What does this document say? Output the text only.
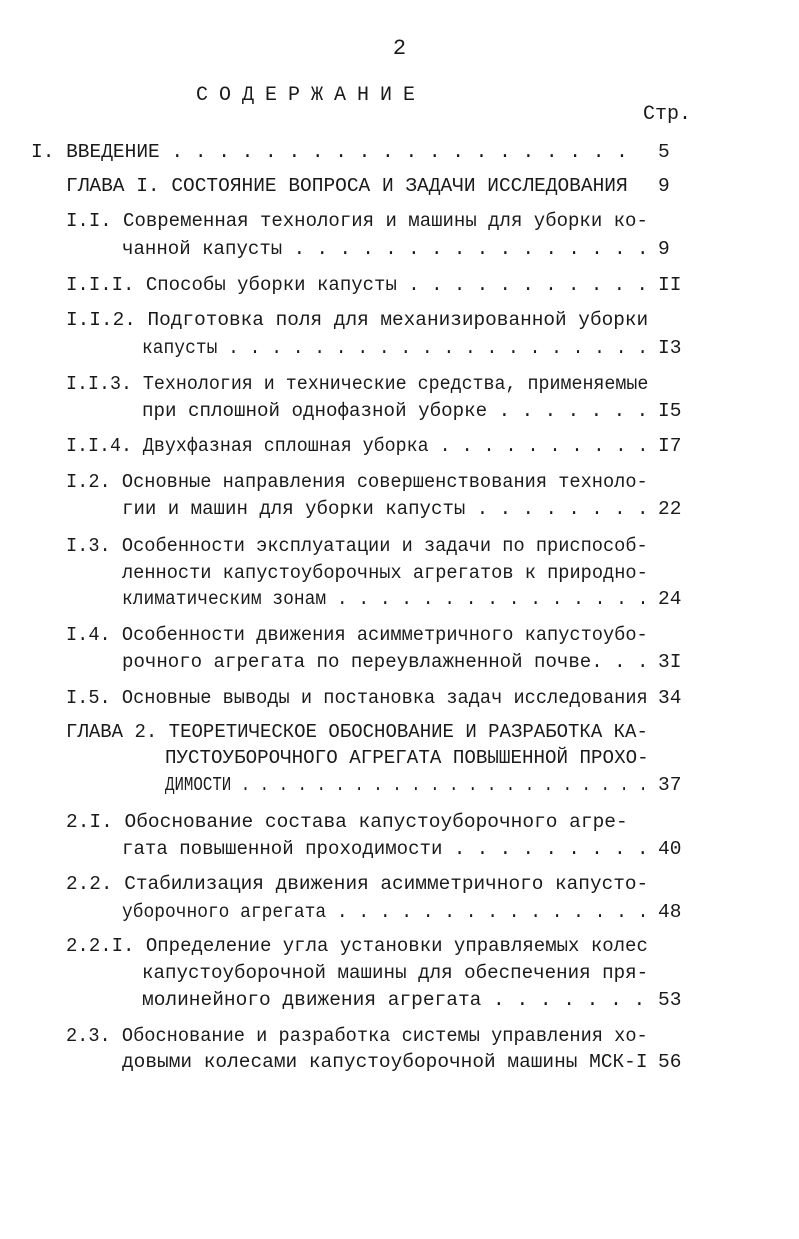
2
СОДЕРЖАНИЕ
Стр.
I. ВВЕДЕНИЕ . . . . . . . . . . . . . . . . . . . . 5
ГЛАВА I. СОСТОЯНИЕ ВОПРОСА И ЗАДАЧИ ИССЛЕДОВАНИЯ 9
I.I. Современная технология и машины для уборки ко-
чанной капусты . . . . . . . . . . . . . . . . 9
I.I.I. Способы уборки капусты . . . . . . . . . . . II
I.I.2. Подготовка поля для механизированной уборки
капусты . . . . . . . . . . . . . . . . . . . . I3
I.I.3. Технология и технические средства, применяемые
при сплошной однофазной уборке . . . . . . . I5
I.I.4. Двухфазная сплошная уборка . . . . . . . . . . I7
I.2. Основные направления совершенствования техноло-
гии и машин для уборки капусты . . . . . . . . 22
I.3. Особенности эксплуатации и задачи по приспособ-
ленности капустоуборочных агрегатов к природно-
климатическим зонам . . . . . . . . . . . . . . . 24
I.4. Особенности движения асимметричного капустоубо-
рочного агрегата по переувлажненной почве. . . 3I
I.5. Основные выводы и постановка задач исследования 34
ГЛАВА 2. ТЕОРЕТИЧЕСКОЕ ОБОСНОВАНИЕ И РАЗРАБОТКА КА-
ПУСТОУБОРОЧНОГО АГРЕГАТА ПОВЫШЕННОЙ ПРОХО-
ДИМОСТИ . . . . . . . . . . . . . . . . . . . . . . 37
2.I. Обоснование состава капустоуборочного агре-
гата повышенной проходимости . . . . . . . . . 40
2.2. Стабилизация движения асимметричного капусто-
уборочного агрегата . . . . . . . . . . . . . . . 48
2.2.I. Определение угла установки управляемых колес
капустоуборочной машины для обеспечения пря-
молинейного движения агрегата . . . . . . . 53
2.3. Обоснование и разработка системы управления хо-
довыми колесами капустоуборочной машины МСК-I 56
